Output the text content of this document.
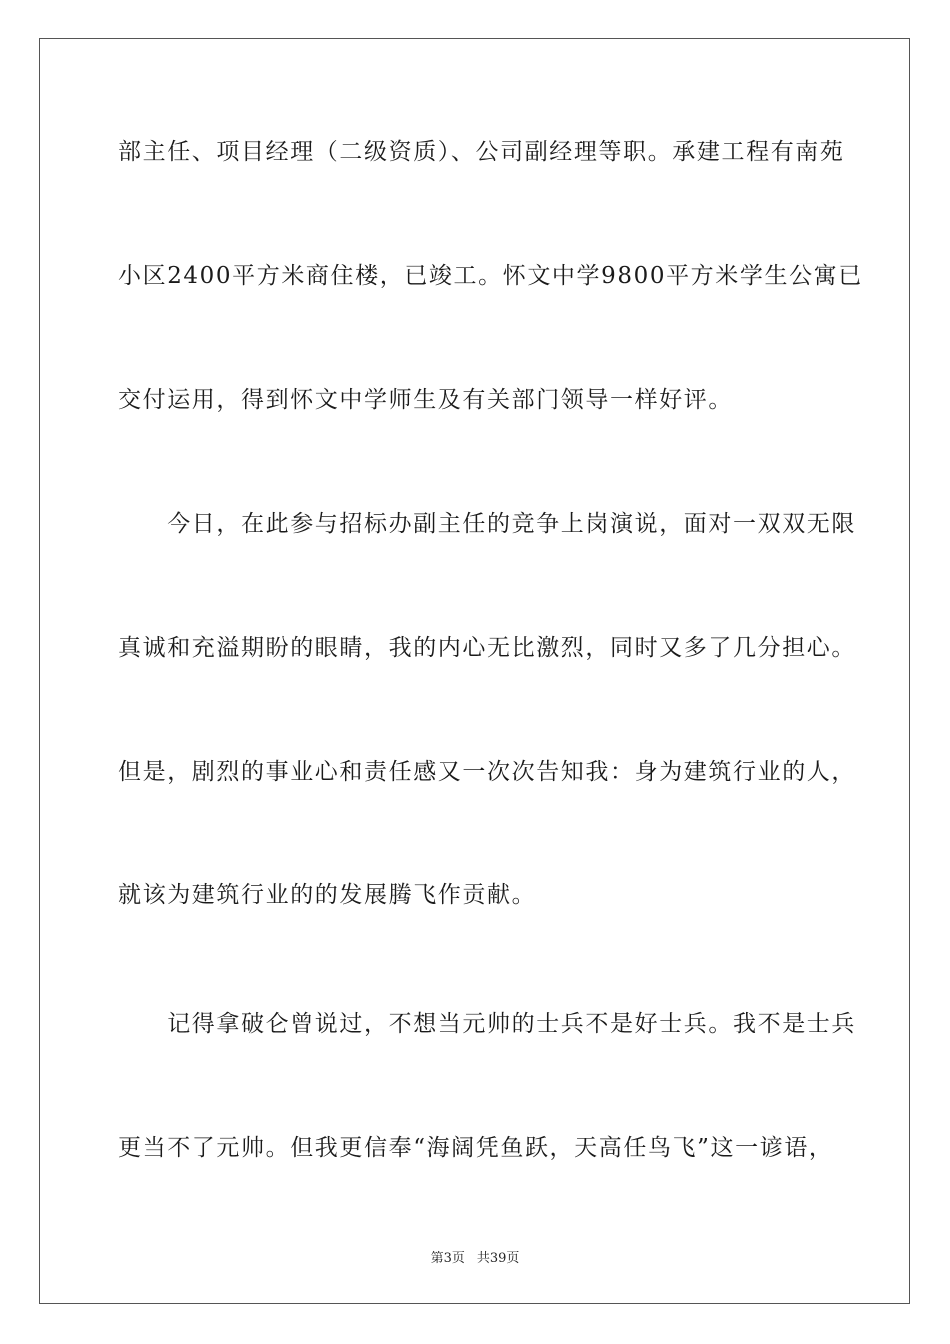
部主任、项目经理（二级资质）、公司副经理等职。承建工程有南苑
小区2400平方米商住楼，已竣工。怀文中学9800平方米学生公寓已
交付运用，得到怀文中学师生及有关部门领导一样好评。
　　今日，在此参与招标办副主任的竞争上岗演说，面对一双双无限
真诚和充溢期盼的眼睛，我的内心无比激烈，同时又多了几分担心。
但是，剧烈的事业心和责任感又一次次告知我：身为建筑行业的人，
就该为建筑行业的的发展腾飞作贡献。
　　记得拿破仑曾说过，不想当元帅的士兵不是好士兵。我不是士兵
更当不了元帅。但我更信奉“海阔凭鱼跃，天高任鸟飞”这一谚语，
第3页 共39页
